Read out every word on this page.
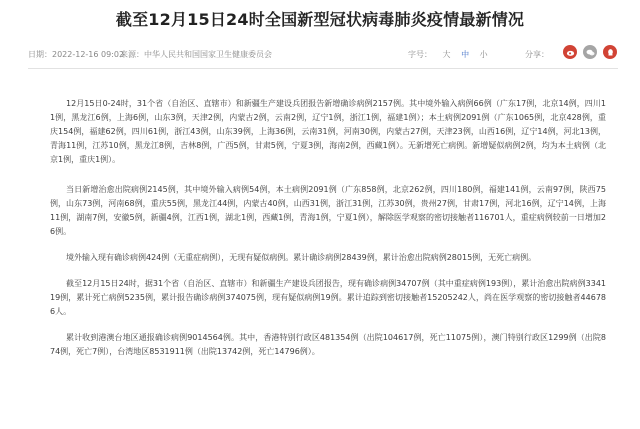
截至12月15日24时全国新型冠状病毒肺炎疫情最新情况
日期：2022-12-16 09:02
来源：中华人民共和国国家卫生健康委员会	字号： 大 中 小	分享：

12月15日0-24时，31个省（自治区、直辖市）和新疆生产建设兵团报告新增确诊病例2157例。其中境外输入病例66例（广东17例，北京14例，四川11例，黑龙江6例，上海6例，山东3例，天津2例，内蒙古2例，云南2例，辽宁1例，浙江1例，福建1例）；本土病例2091例（广东1065例，北京428例，重庆154例，福建62例，四川61例，浙江43例，山东39例，上海36例，云南31例，河南30例，内蒙古27例，天津23例，山西16例，辽宁14例，河北13例，青海11例，江苏10例，黑龙江8例，吉林8例，广西5例，甘肃5例，宁夏3例，海南2例，西藏1例）。无新增死亡病例。新增疑似病例2例，均为本土病例（北京1例，重庆1例）。

当日新增治愈出院病例2145例，其中境外输入病例54例，本土病例2091例（广东858例，北京262例，四川180例，福建141例，云南97例，陕西75例，山东73例，河南68例，重庆55例，黑龙江44例，内蒙古40例，山西31例，浙江31例，江苏30例，贵州27例，甘肃17例，河北16例，辽宁14例，上海11例，湖南7例，安徽5例，新疆4例，江西1例，湖北1例，西藏1例，青海1例，宁夏1例），解除医学观察的密切接触者116701人，重症病例较前一日增加26例。

境外输入现有确诊病例424例（无重症病例），无现有疑似病例。累计确诊病例28439例，累计治愈出院病例28015例，无死亡病例。

截至12月15日24时，据31个省（自治区、直辖市）和新疆生产建设兵团报告，现有确诊病例34707例（其中重症病例193例），累计治愈出院病例334119例，累计死亡病例5235例，累计报告确诊病例374075例，现有疑似病例19例。累计追踪到密切接触者15205242人，尚在医学观察的密切接触者446786人。

累计收到港澳台地区通报确诊病例9014564例。其中，香港特别行政区481354例（出院104617例，死亡11075例），澳门特别行政区1299例（出院874例，死亡7例），台湾地区8531911例（出院13742例，死亡14796例）。
